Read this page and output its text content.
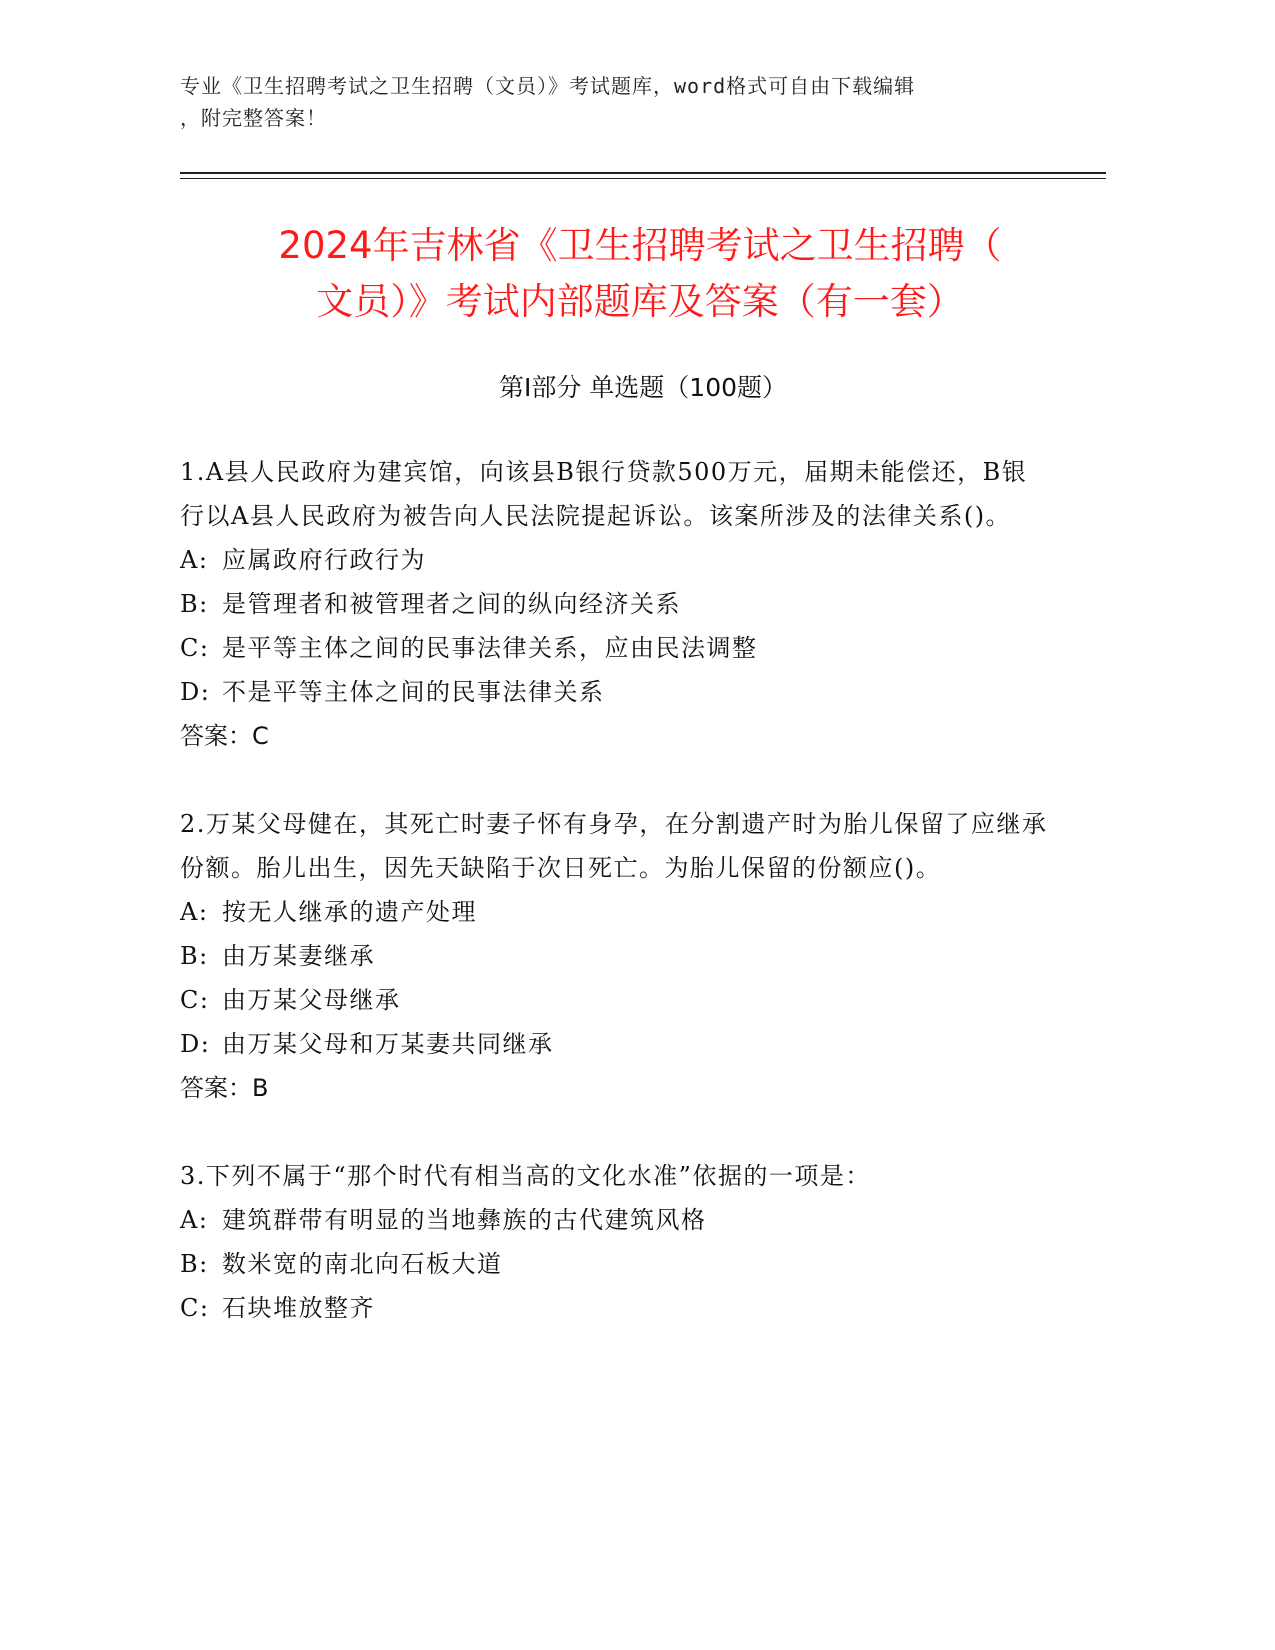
专业《卫生招聘考试之卫生招聘（文员）》考试题库，word格式可自由下载编辑
，附完整答案！
2024年吉林省《卫生招聘考试之卫生招聘（
文员）》考试内部题库及答案（有一套）
第Ⅰ部分 单选题（100题）

1.A县人民政府为建宾馆，向该县B银行贷款500万元，届期未能偿还，B银行以A县人民政府为被告向人民法院提起诉讼。该案所涉及的法律关系()。

A: 应属政府行政行为

B: 是管理者和被管理者之间的纵向经济关系

C: 是平等主体之间的民事法律关系，应由民法调整

D: 不是平等主体之间的民事法律关系

答案：C

2.万某父母健在，其死亡时妻子怀有身孕，在分割遗产时为胎儿保留了应继承份额。胎儿出生，因先天缺陷于次日死亡。为胎儿保留的份额应()。

A: 按无人继承的遗产处理

B: 由万某妻继承

C: 由万某父母继承

D: 由万某父母和万某妻共同继承

答案：B

3.下列不属于“那个时代有相当高的文化水准”依据的一项是：

A: 建筑群带有明显的当地彝族的古代建筑风格

B: 数米宽的南北向石板大道

C: 石块堆放整齐
